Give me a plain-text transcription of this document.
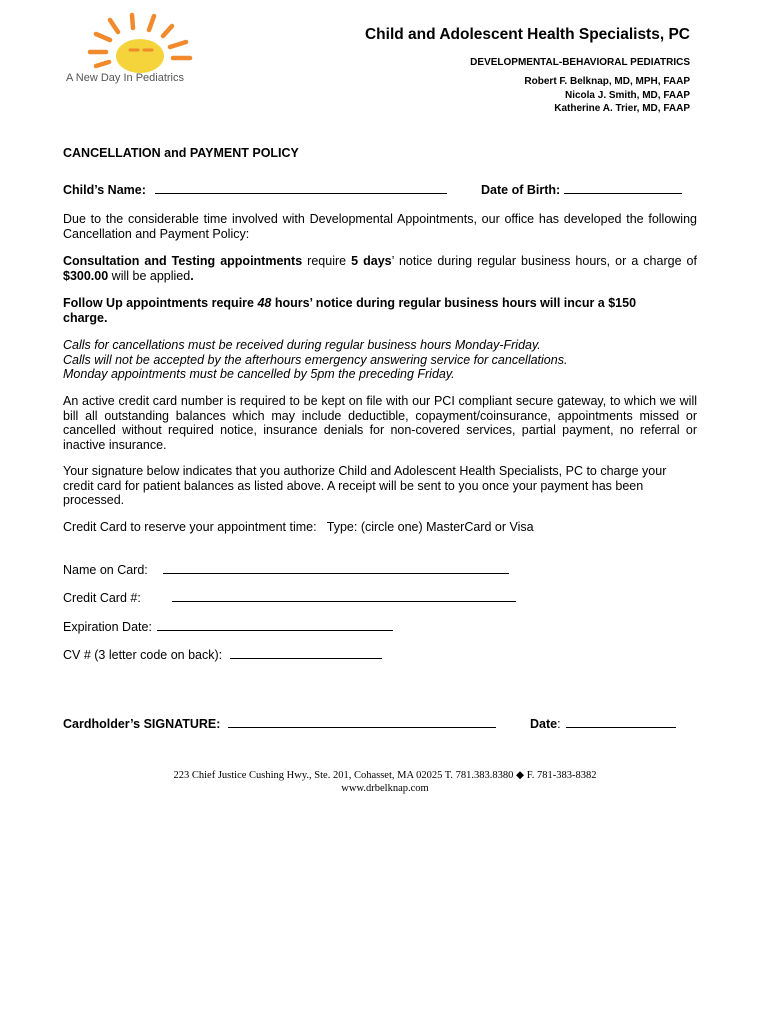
A New Day In Pediatrics
Child and Adolescent Health Specialists, PC
DEVELOPMENTAL-BEHAVIORAL PEDIATRICS
Robert F. Belknap, MD, MPH, FAAP
Nicola J. Smith, MD, FAAP
Katherine A. Trier, MD, FAAP
CANCELLATION and PAYMENT POLICY
Child’s Name:	Date of Birth:
Due to the considerable time involved with Developmental Appointments, our office has developed the following Cancellation and Payment Policy:
Consultation and Testing appointments require 5 days’ notice during regular business hours, or a charge of $300.00 will be applied.
Follow Up appointments require 48 hours’ notice during regular business hours will incur a $150 charge.
Calls for cancellations must be received during regular business hours Monday-Friday.
Calls will not be accepted by the afterhours emergency answering service for cancellations.
Monday appointments must be cancelled by 5pm the preceding Friday.
An active credit card number is required to be kept on file with our PCI compliant secure gateway, to which we will bill all outstanding balances which may include deductible, copayment/coinsurance, appointments missed or cancelled without required notice, insurance denials for non-covered services, partial payment, no referral or inactive insurance.
Your signature below indicates that you authorize Child and Adolescent Health Specialists, PC to charge your credit card for patient balances as listed above. A receipt will be sent to you once your payment has been processed.
Credit Card to reserve your appointment time:   Type: (circle one) MasterCard or Visa
Name on Card:
Credit Card #:
Expiration Date:
CV # (3 letter code on back):
Cardholder’s SIGNATURE:	Date:
223 Chief Justice Cushing Hwy., Ste. 201, Cohasset, MA 02025 T. 781.383.8380 ◆ F. 781-383-8382
www.drbelknap.com
